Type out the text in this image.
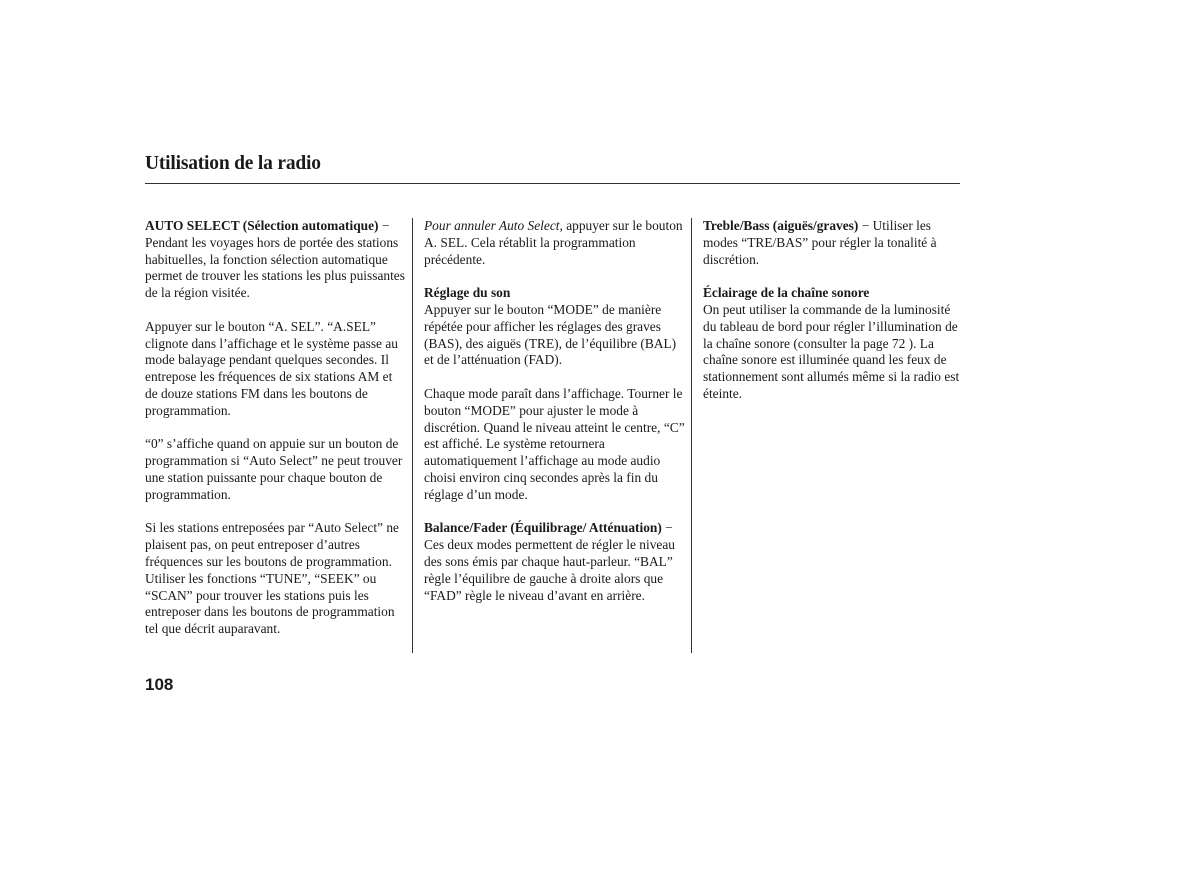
Utilisation de la radio

AUTO SELECT (Sélection automatique) − Pendant les voyages hors de portée des stations habituelles, la fonction sélection automatique permet de trouver les stations les plus puissantes de la région visitée.

Appuyer sur le bouton “A. SEL”. “A.SEL” clignote dans l’affichage et le système passe au mode balayage pendant quelques secondes. Il entrepose les fréquences de six stations AM et de douze stations FM dans les boutons de programmation.

“0” s’affiche quand on appuie sur un bouton de programmation si “Auto Select” ne peut trouver une station puissante pour chaque bouton de programmation.

Si les stations entreposées par “Auto Select” ne plaisent pas, on peut entreposer d’autres fréquences sur les boutons de programmation. Utiliser les fonctions “TUNE”, “SEEK” ou “SCAN” pour trouver les stations puis les entreposer dans les boutons de programmation tel que décrit auparavant.

Pour annuler Auto Select, appuyer sur le bouton A. SEL. Cela rétablit la programmation précédente.

Réglage du son
Appuyer sur le bouton “MODE” de manière répétée pour afficher les réglages des graves (BAS), des aiguës (TRE), de l’équilibre (BAL) et de l’atténuation (FAD).

Chaque mode paraît dans l’affichage. Tourner le bouton “MODE” pour ajuster le mode à discrétion. Quand le niveau atteint le centre, “C” est affiché. Le système retournera automatiquement l’affichage au mode audio choisi environ cinq secondes après la fin du réglage d’un mode.

Balance/Fader (Équilibrage/ Atténuation) − Ces deux modes permettent de régler le niveau des sons émis par chaque haut-parleur. “BAL” règle l’équilibre de gauche à droite alors que “FAD” règle le niveau d’avant en arrière.

Treble/Bass (aiguës/graves) − Utiliser les modes “TRE/BAS” pour régler la tonalité à discrétion.

Éclairage de la chaîne sonore
On peut utiliser la commande de la luminosité du tableau de bord pour régler l’illumination de la chaîne sonore (consulter la page 72 ). La chaîne sonore est illuminée quand les feux de stationnement sont allumés même si la radio est éteinte.

108
